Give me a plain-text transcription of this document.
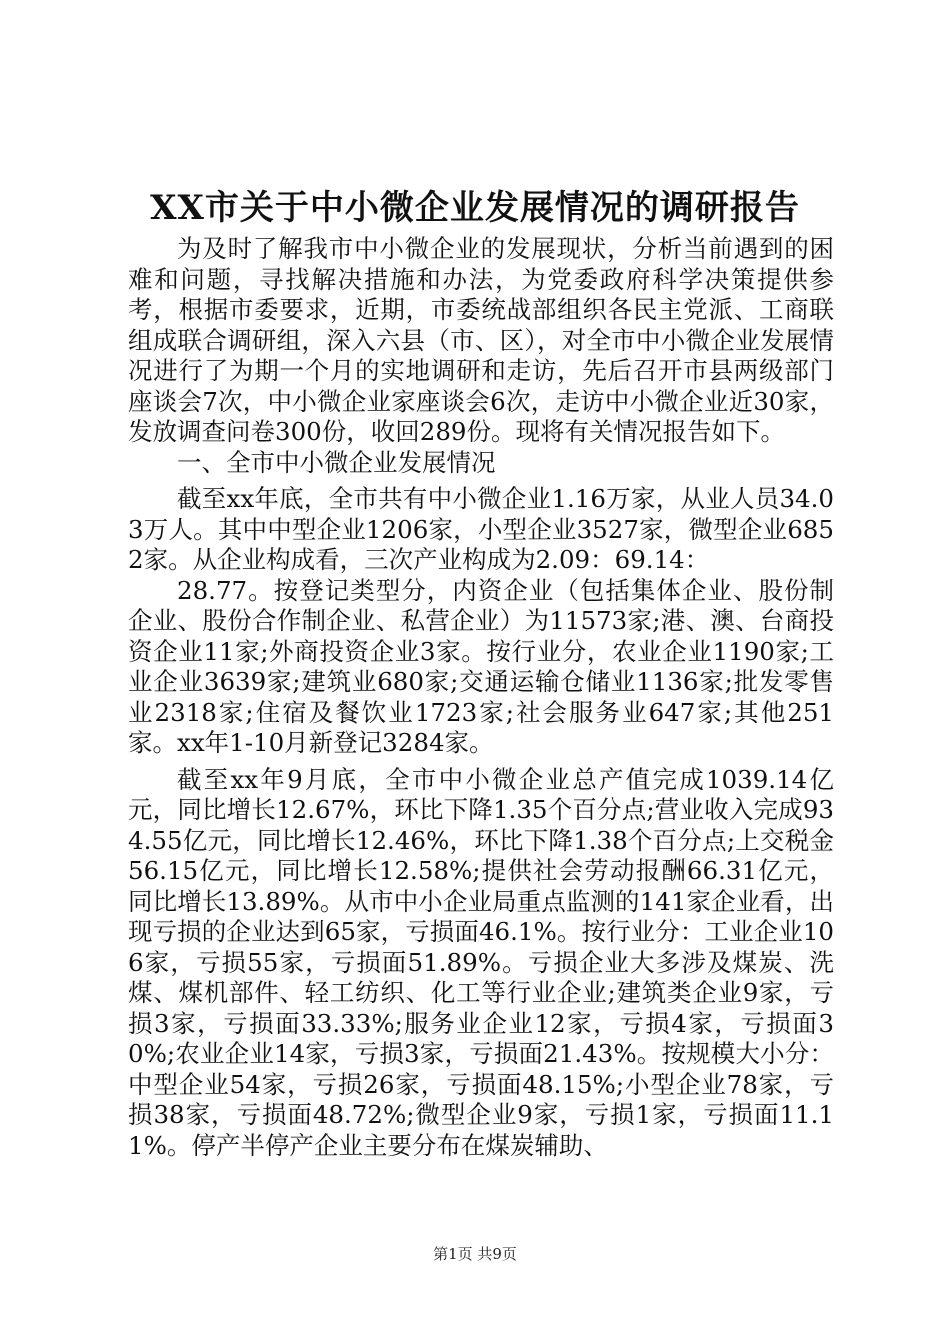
XX市关于中小微企业发展情况的调研报告

为及时了解我市中小微企业的发展现状，分析当前遇到的困难和问题，寻找解决措施和办法，为党委政府科学决策提供参考，根据市委要求，近期，市委统战部组织各民主党派、工商联组成联合调研组，深入六县（市、区），对全市中小微企业发展情况进行了为期一个月的实地调研和走访，先后召开市县两级部门座谈会7次，中小微企业家座谈会6次，走访中小微企业近30家，发放调查问卷300份，收回289份。现将有关情况报告如下。

一、全市中小微企业发展情况

截至xx年底，全市共有中小微企业1.16万家，从业人员34.03万人。其中中型企业1206家，小型企业3527家，微型企业6852家。从企业构成看，三次产业构成为2.09：69.14：

28.77。按登记类型分，内资企业（包括集体企业、股份制企业、股份合作制企业、私营企业）为11573家;港、澳、台商投资企业11家;外商投资企业3家。按行业分，农业企业1190家;工业企业3639家;建筑业680家;交通运输仓储业1136家;批发零售业2318家;住宿及餐饮业1723家;社会服务业647家;其他251家。xx年1-10月新登记3284家。

截至xx年9月底，全市中小微企业总产值完成1039.14亿元，同比增长12.67%，环比下降1.35个百分点;营业收入完成934.55亿元，同比增长12.46%，环比下降1.38个百分点;上交税金56.15亿元，同比增长12.58%;提供社会劳动报酬66.31亿元，同比增长13.89%。从市中小企业局重点监测的141家企业看，出现亏损的企业达到65家，亏损面46.1%。按行业分：工业企业106家，亏损55家，亏损面51.89%。亏损企业大多涉及煤炭、洗煤、煤机部件、轻工纺织、化工等行业企业;建筑类企业9家，亏损3家，亏损面33.33%;服务业企业12家，亏损4家，亏损面30%;农业企业14家，亏损3家，亏损面21.43%。按规模大小分：中型企业54家，亏损26家，亏损面48.15%;小型企业78家，亏损38家，亏损面48.72%;微型企业9家，亏损1家，亏损面11.11%。停产半停产企业主要分布在煤炭辅助、

第1页 共9页
